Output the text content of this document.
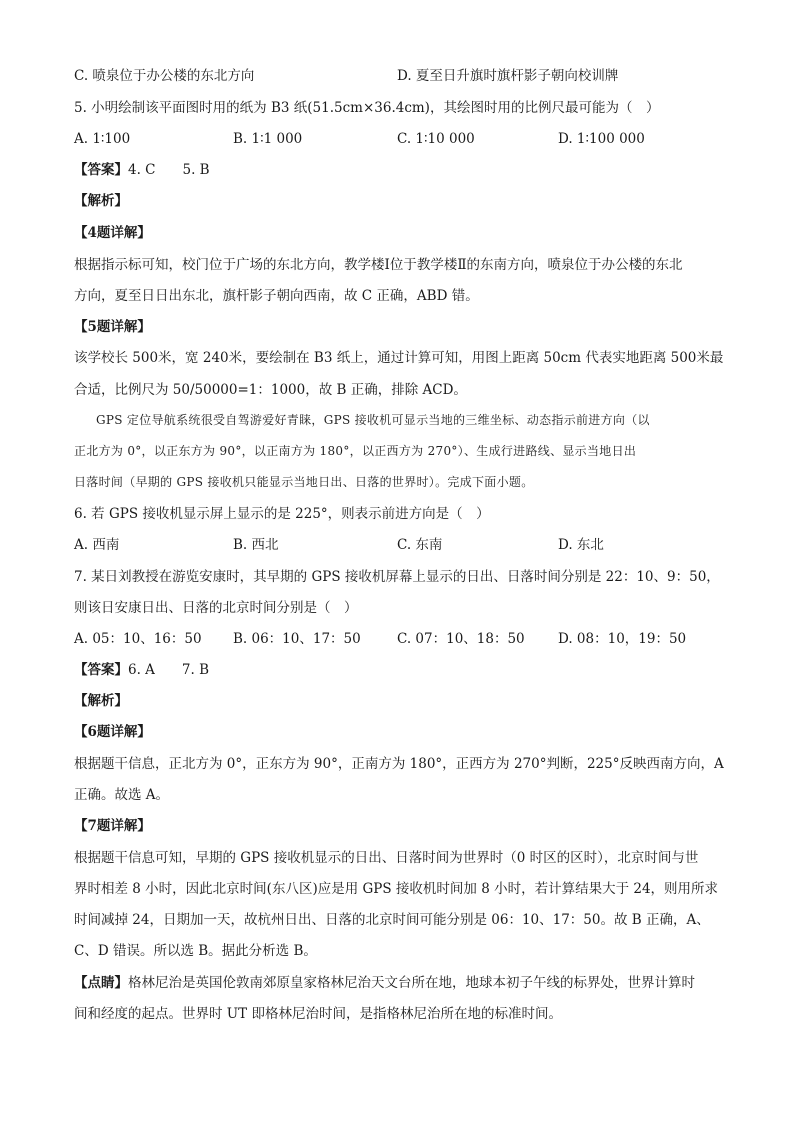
C. 喷泉位于办公楼的东北方向	D. 夏至日升旗时旗杆影子朝向校训牌
5. 小明绘制该平面图时用的纸为 B3 纸(51.5cm×36.4cm)，其绘图时用的比例尺最可能为（　）
A. 1∶100	B. 1∶1 000	C. 1∶10 000	D. 1∶100 000
【答案】4. C　　5. B
【解析】
【4题详解】
根据指示标可知，校门位于广场的东北方向，教学楼Ⅰ位于教学楼Ⅱ的东南方向，喷泉位于办公楼的东北
方向，夏至日日出东北，旗杆影子朝向西南，故 C 正确，ABD 错。
【5题详解】
该学校长 500米，宽 240米，要绘制在 B3 纸上，通过计算可知，用图上距离 50cm 代表实地距离 500米最
合适，比例尺为 50/50000=1：1000，故 B 正确，排除 ACD。
GPS 定位导航系统很受自驾游爱好青睐，GPS 接收机可显示当地的三维坐标、动态指示前进方向（以
正北方为 0°，以正东方为 90°，以正南方为 180°，以正西方为 270°）、生成行进路线、显示当地日出
日落时间（早期的 GPS 接收机只能显示当地日出、日落的世界时）。完成下面小题。
6. 若 GPS 接收机显示屏上显示的是 225°，则表示前进方向是（　）
A. 西南	B. 西北	C. 东南	D. 东北
7. 某日刘教授在游览安康时，其早期的 GPS 接收机屏幕上显示的日出、日落时间分别是 22：10、9：50，
则该日安康日出、日落的北京时间分别是（　）
A. 05：10、16：50 B. 06：10、17：50	C. 07：10、18：50 D. 08：10，19：50
【答案】6. A　　7. B
【解析】
【6题详解】
根据题干信息，正北方为 0°，正东方为 90°，正南方为 180°，正西方为 270°判断，225°反映西南方向，A
正确。故选 A。
【7题详解】
根据题干信息可知，早期的 GPS 接收机显示的日出、日落时间为世界时（0 时区的区时），北京时间与世
界时相差 8 小时，因此北京时间(东八区)应是用 GPS 接收机时间加 8 小时，若计算结果大于 24，则用所求
时间减掉 24，日期加一天，故杭州日出、日落的北京时间可能分别是 06：10、17：50。故 B 正确，A、
C、D 错误。所以选 B。据此分析选 B。
【点睛】格林尼治是英国伦敦南郊原皇家格林尼治天文台所在地，地球本初子午线的标界处，世界计算时
间和经度的起点。世界时 UT 即格林尼治时间，是指格林尼治所在地的标准时间。
